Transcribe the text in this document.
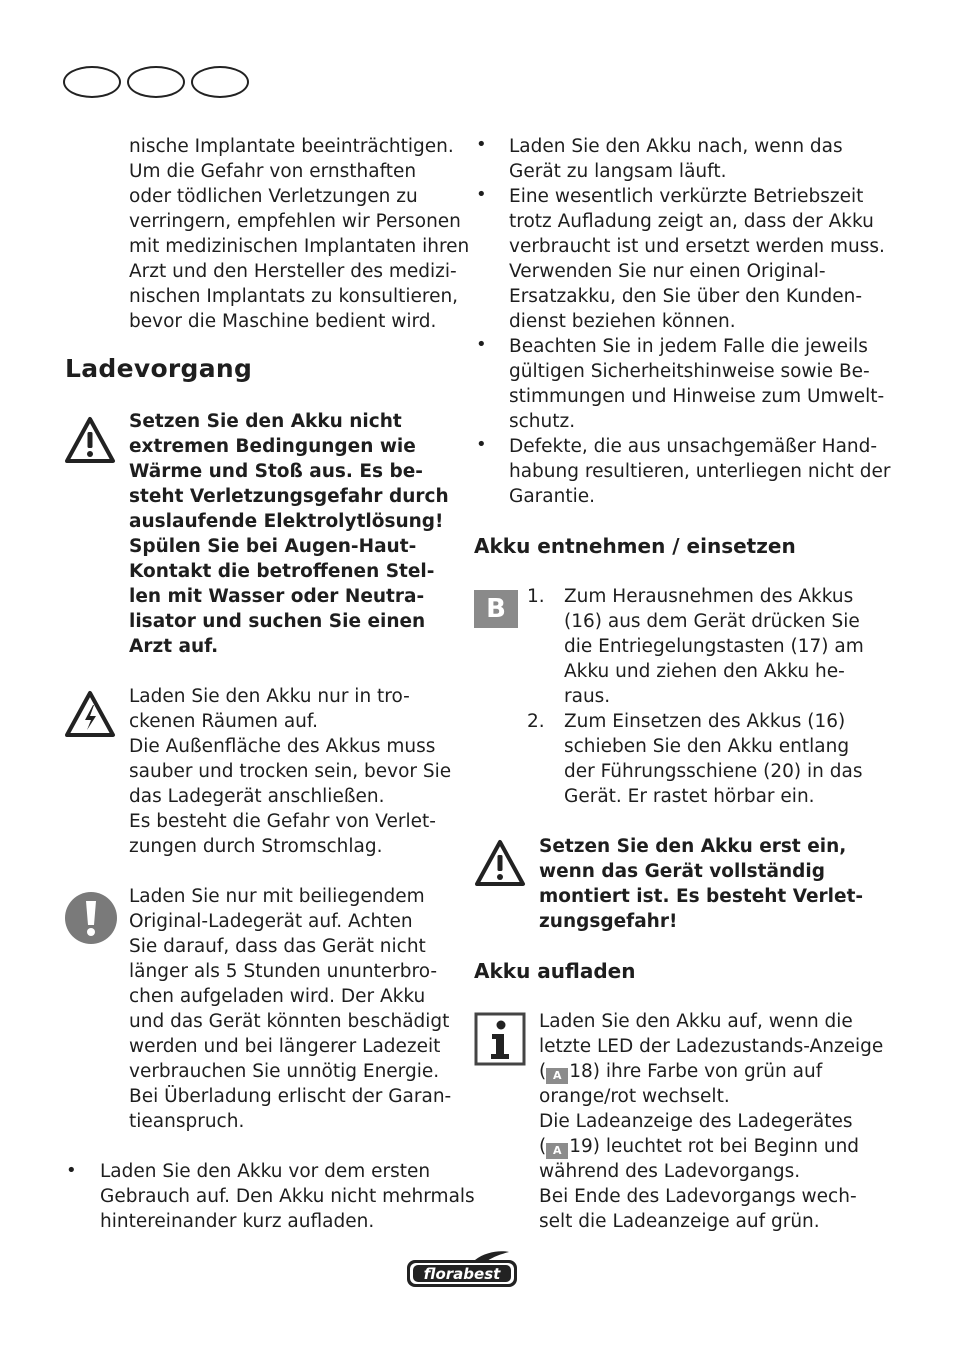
nische Implantate beeinträchtigen.
Um die Gefahr von ernsthaften
oder tödlichen Verletzungen zu
verringern, empfehlen wir Personen
mit medizinischen Implantaten ihren
Arzt und den Hersteller des medizi-
nischen Implantats zu konsultieren,
bevor die Maschine bedient wird.
Ladevorgang
Setzen Sie den Akku nicht
extremen Bedingungen wie
Wärme und Stoß aus. Es be-
steht Verletzungsgefahr durch
auslaufende Elektrolytlösung!
Spülen Sie bei Augen-Haut-
Kontakt die betroffenen Stel-
len mit Wasser oder Neutra-
lisator und suchen Sie einen
Arzt auf.
Laden Sie den Akku nur in tro-
ckenen Räumen auf.
Die Außenfläche des Akkus muss
sauber und trocken sein, bevor Sie
das Ladegerät anschließen.
Es besteht die Gefahr von Verlet-
zungen durch Stromschlag.
Laden Sie nur mit beiliegendem
Original-Ladegerät auf. Achten
Sie darauf, dass das Gerät nicht
länger als 5 Stunden ununterbro-
chen aufgeladen wird. Der Akku
und das Gerät könnten beschädigt
werden und bei längerer Ladezeit
verbrauchen Sie unnötig Energie.
Bei Überladung erlischt der Garan-
tieanspruch.
• Laden Sie den Akku vor dem ersten
Gebrauch auf. Den Akku nicht mehrmals
hintereinander kurz aufladen.
• Laden Sie den Akku nach, wenn das
Gerät zu langsam läuft.
• Eine wesentlich verkürzte Betriebszeit
trotz Aufladung zeigt an, dass der Akku
verbraucht ist und ersetzt werden muss.
Verwenden Sie nur einen Original-
Ersatzakku, den Sie über den Kunden-
dienst beziehen können.
• Beachten Sie in jedem Falle die jeweils
gültigen Sicherheitshinweise sowie Be-
stimmungen und Hinweise zum Umwelt-
schutz.
• Defekte, die aus unsachgemäßer Hand-
habung resultieren, unterliegen nicht der
Garantie.
Akku entnehmen / einsetzen
B	1. Zum Herausnehmen des Akkus
(16) aus dem Gerät drücken Sie
die Entriegelungstasten (17) am
Akku und ziehen den Akku he-
raus.
2. Zum Einsetzen des Akkus (16)
schieben Sie den Akku entlang
der Führungsschiene (20) in das
Gerät. Er rastet hörbar ein.
Setzen Sie den Akku erst ein,
wenn das Gerät vollständig
montiert ist. Es besteht Verlet-
zungsgefahr!
Akku aufladen
Laden Sie den Akku auf, wenn die
letzte LED der Ladezustands-Anzeige
( A 18) ihre Farbe von grün auf
orange/rot wechselt.
Die Ladeanzeige des Ladegerätes
( A 19) leuchtet rot bei Beginn und
während des Ladevorgangs.
Bei Ende des Ladevorgangs wech-
selt die Ladeanzeige auf grün.
florabest
